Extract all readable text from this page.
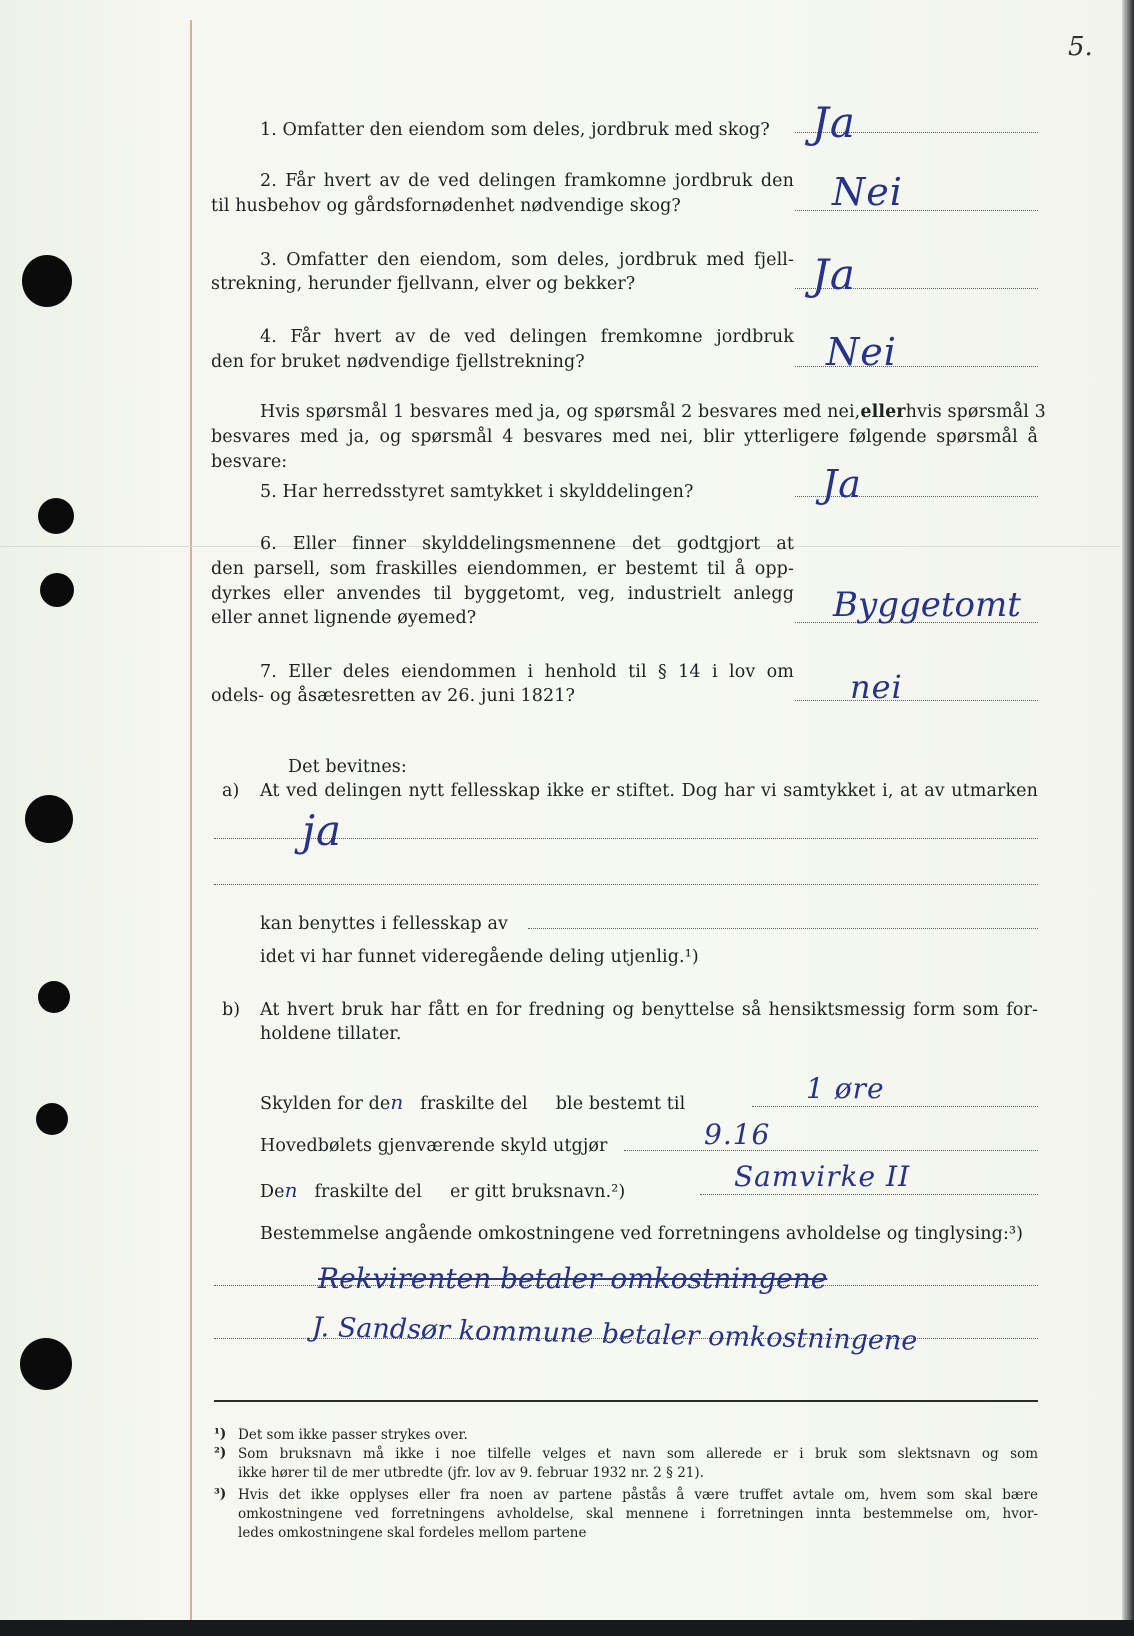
5.
1. Omfatter den eiendom som deles, jordbruk med skog? Ja
2. Får hvert av de ved delingen framkomne jordbruk den
til husbehov og gårdsfornødenhet nødvendige skog?	Nei
3. Omfatter den eiendom, som deles, jordbruk med fjell-
strekning, herunder fjellvann, elver og bekker?	Ja
4. Får hvert av de ved delingen fremkomne jordbruk
den for bruket nødvendige fjellstrekning?	Nei
Hvis spørsmål 1 besvares med ja, og spørsmål 2 besvares med nei, eller hvis spørsmål 3
besvares med ja, og spørsmål 4 besvares med nei, blir ytterligere følgende spørsmål å besvare:
5. Har herredsstyret samtykket i skylddelingen?	Ja
6. Eller finner skylddelingsmennene det godtgjort at
den parsell, som fraskilles eiendommen, er bestemt til å opp-
dyrkes eller anvendes til byggetomt, veg, industrielt anlegg
eller annet lignende øyemed?	Byggetomt
7. Eller deles eiendommen i henhold til § 14 i lov om
odels- og åsætesretten av 26. juni 1821?	nei
Det bevitnes:
a) At ved delingen nytt fellesskap ikke er stiftet. Dog har vi samtykket i, at av utmarken
ja
kan benyttes i fellesskap av
idet vi har funnet videregående deling utjenlig.¹)
b) At hvert bruk har fått en for fredning og benyttelse så hensiktsmessig form som for-
holdene tillater.
Skylden for den fraskilte del ble bestemt til	1 øre
Hovedbølets gjenværende skyld utgjør	9.16
Den fraskilte del er gitt bruksnavn.²)	Samvirke II
Bestemmelse angående omkostningene ved forretningens avholdelse og tinglysing:³)
Rekvirenten betaler omkostningene
J. Sandsør kommune betaler omkostningene
¹) Det som ikke passer strykes over.
²) Som bruksnavn må ikke i noe tilfelle velges et navn som allerede er i bruk som slektsnavn og som
ikke hører til de mer utbredte (jfr. lov av 9. februar 1932 nr. 2 § 21).
³) Hvis det ikke opplyses eller fra noen av partene påstås å være truffet avtale om, hvem som skal bære
omkostningene ved forretningens avholdelse, skal mennene i forretningen innta bestemmelse om, hvor-
ledes omkostningene skal fordeles mellom partene
